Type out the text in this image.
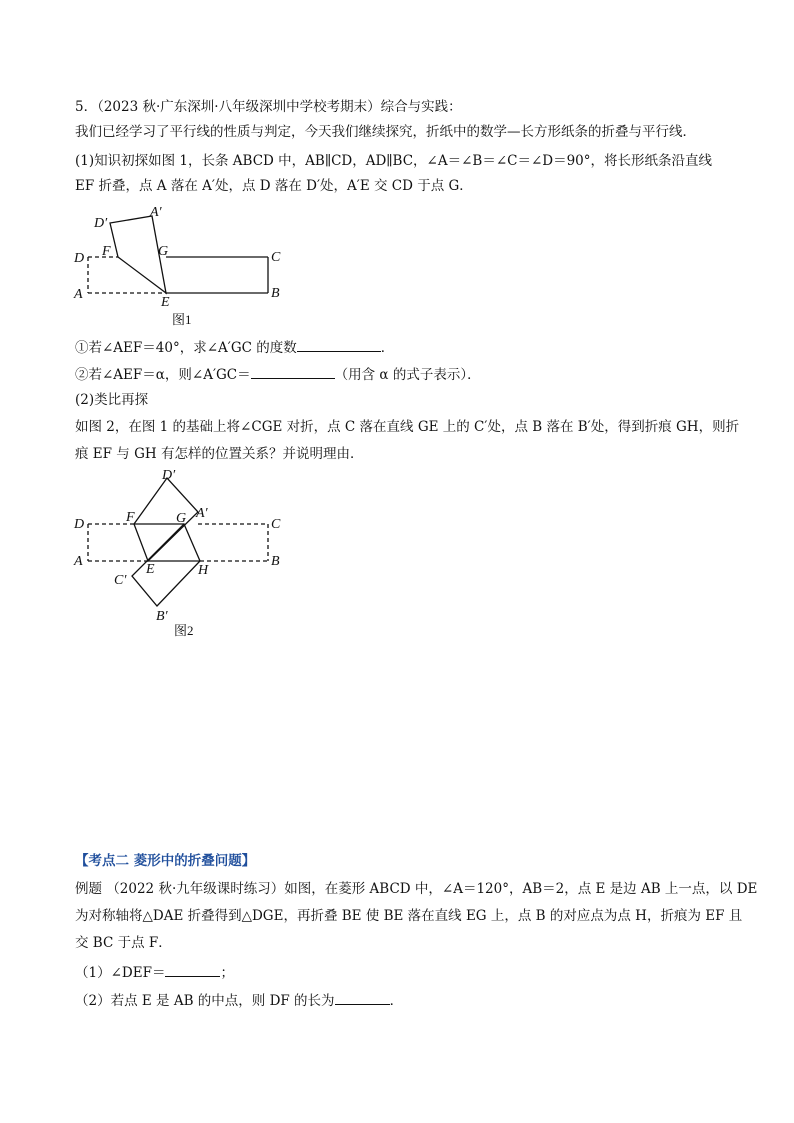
5．（2023 秋·广东深圳·八年级深圳中学校考期末）综合与实践：
我们已经学习了平行线的性质与判定，今天我们继续探究，折纸中的数学—长方形纸条的折叠与平行线．
(1)知识初探如图 1，长条 ABCD 中，AB∥CD，AD∥BC，∠A＝∠B＝∠C＝∠D＝90°，将长形纸条沿直线
EF 折叠，点 A 落在 A′处，点 D 落在 D′处，A′E 交 CD 于点 G．
D′
A′
F	G
D	C
A
E
B
图1
①若∠AEF＝40°，求∠A′GC 的度数	．
②若∠AEF＝α，则∠A′GC＝	（用含 α 的式子表示）．
(2)类比再探
如图 2，在图 1 的基础上将∠CGE 对折，点 C 落在直线 GE 上的 C′处，点 B 落在 B′处，得到折痕 GH，则折
痕 EF 与 GH 有怎样的位置关系？并说明理由．
D′
F	G A′
D	C
A
E	H
B
C′
B′
图2
【考点二 菱形中的折叠问题】
例题 （2022 秋·九年级课时练习）如图，在菱形 ABCD 中，∠A＝120°，AB＝2，点 E 是边 AB 上一点，以 DE
为对称轴将△DAE 折叠得到△DGE，再折叠 BE 使 BE 落在直线 EG 上，点 B 的对应点为点 H，折痕为 EF 且
交 BC 于点 F．
（1）∠DEF＝	；
（2）若点 E 是 AB 的中点，则 DF 的长为	．
